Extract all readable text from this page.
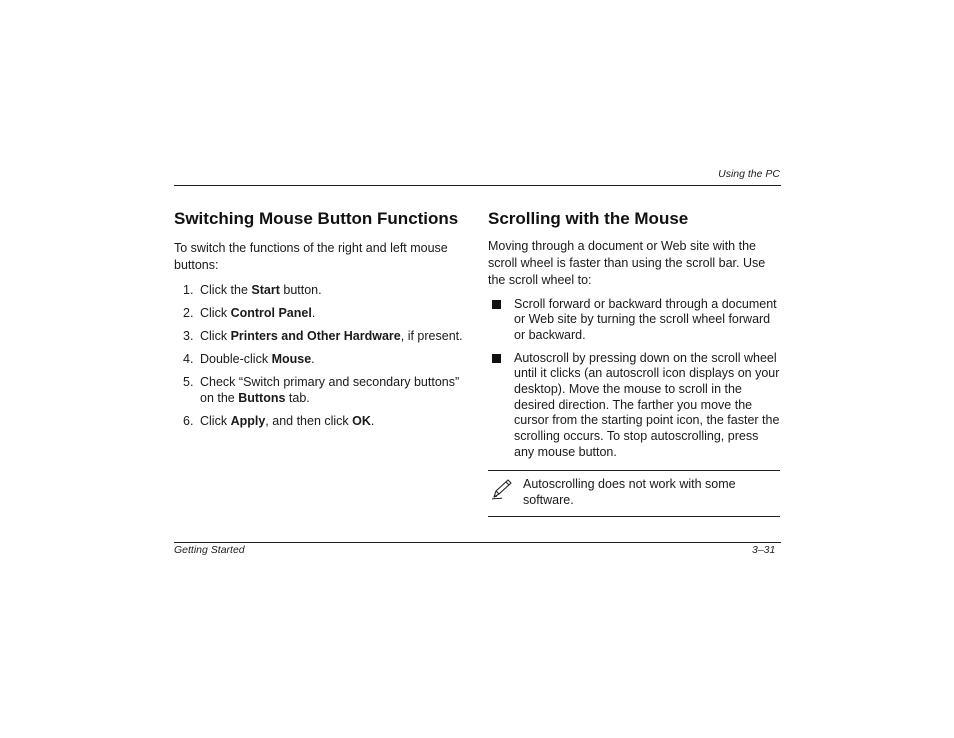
Using the PC
Switching Mouse Button Functions

To switch the functions of the right and left mouse buttons:

1. Click the Start button.
2. Click Control Panel.
3. Click Printers and Other Hardware, if present.
4. Double-click Mouse.
5. Check “Switch primary and secondary buttons” on the Buttons tab.
6. Click Apply, and then click OK.
Scrolling with the Mouse

Moving through a document or Web site with the scroll wheel is faster than using the scroll bar. Use the scroll wheel to:

Scroll forward or backward through a document or Web site by turning the scroll wheel forward or backward.
Autoscroll by pressing down on the scroll wheel until it clicks (an autoscroll icon displays on your desktop). Move the mouse to scroll in the desired direction. The farther you move the cursor from the starting point icon, the faster the scrolling occurs. To stop autoscrolling, press any mouse button.
Autoscrolling does not work with some software.
Getting Started	3–31
